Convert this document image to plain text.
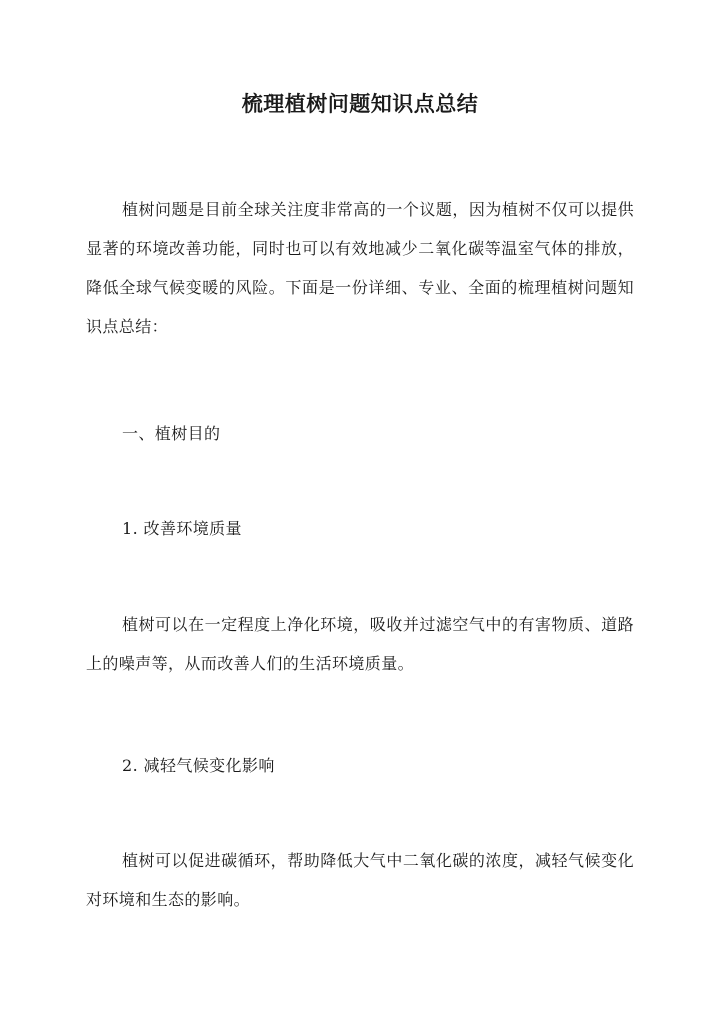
梳理植树问题知识点总结
植树问题是目前全球关注度非常高的一个议题，因为植树不仅可以提供显著的环境改善功能，同时也可以有效地减少二氧化碳等温室气体的排放，降低全球气候变暖的风险。下面是一份详细、专业、全面的梳理植树问题知识点总结：
一、植树目的
1. 改善环境质量
植树可以在一定程度上净化环境，吸收并过滤空气中的有害物质、道路上的噪声等，从而改善人们的生活环境质量。
2. 减轻气候变化影响
植树可以促进碳循环，帮助降低大气中二氧化碳的浓度，减轻气候变化对环境和生态的影响。
